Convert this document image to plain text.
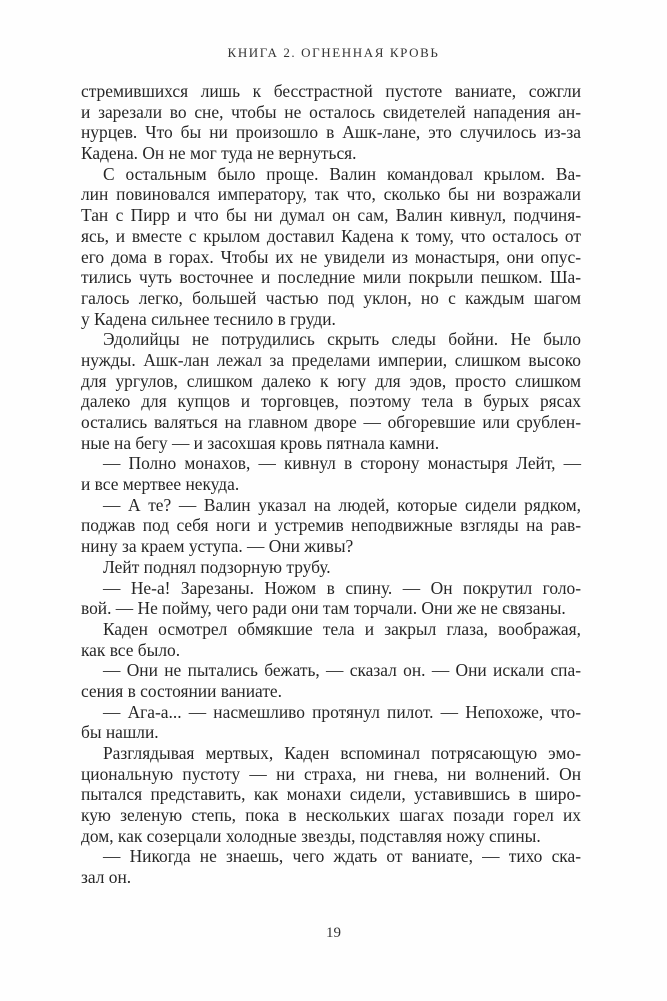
КНИГА 2. ОГНЕННАЯ КРОВЬ
стремившихся лишь к бесстрастной пустоте ваниате, сожгли
и зарезали во сне, чтобы не осталось свидетелей нападения ан-
нурцев. Что бы ни произошло в Ашк-лане, это случилось из-за
Кадена. Он не мог туда не вернуться.
С остальным было проще. Валин командовал крылом. Ва-
лин повиновался императору, так что, сколько бы ни возражали
Тан с Пирр и что бы ни думал он сам, Валин кивнул, подчиня-
ясь, и вместе с крылом доставил Кадена к тому, что осталось от
его дома в горах. Чтобы их не увидели из монастыря, они опус-
тились чуть восточнее и последние мили покрыли пешком. Ша-
галось легко, большей частью под уклон, но с каждым шагом
у Кадена сильнее теснило в груди.
Эдолийцы не потрудились скрыть следы бойни. Не было
нужды. Ашк-лан лежал за пределами империи, слишком высоко
для ургулов, слишком далеко к югу для эдов, просто слишком
далеко для купцов и торговцев, поэтому тела в бурых рясах
остались валяться на главном дворе — обгоревшие или срублен-
ные на бегу — и засохшая кровь пятнала камни.
— Полно монахов, — кивнул в сторону монастыря Лейт, —
и все мертвее некуда.
— А те? — Валин указал на людей, которые сидели рядком,
поджав под себя ноги и устремив неподвижные взгляды на рав-
нину за краем уступа. — Они живы?
Лейт поднял подзорную трубу.
— Не-а! Зарезаны. Ножом в спину. — Он покрутил голо-
вой. — Не пойму, чего ради они там торчали. Они же не связаны.
Каден осмотрел обмякшие тела и закрыл глаза, воображая,
как все было.
— Они не пытались бежать, — сказал он. — Они искали спа-
сения в состоянии ваниате.
— Ага-а... — насмешливо протянул пилот. — Непохоже, что-
бы нашли.
Разглядывая мертвых, Каден вспоминал потрясающую эмо-
циональную пустоту — ни страха, ни гнева, ни волнений. Он
пытался представить, как монахи сидели, уставившись в широ-
кую зеленую степь, пока в нескольких шагах позади горел их
дом, как созерцали холодные звезды, подставляя ножу спины.
— Никогда не знаешь, чего ждать от ваниате, — тихо ска-
зал он.
19
